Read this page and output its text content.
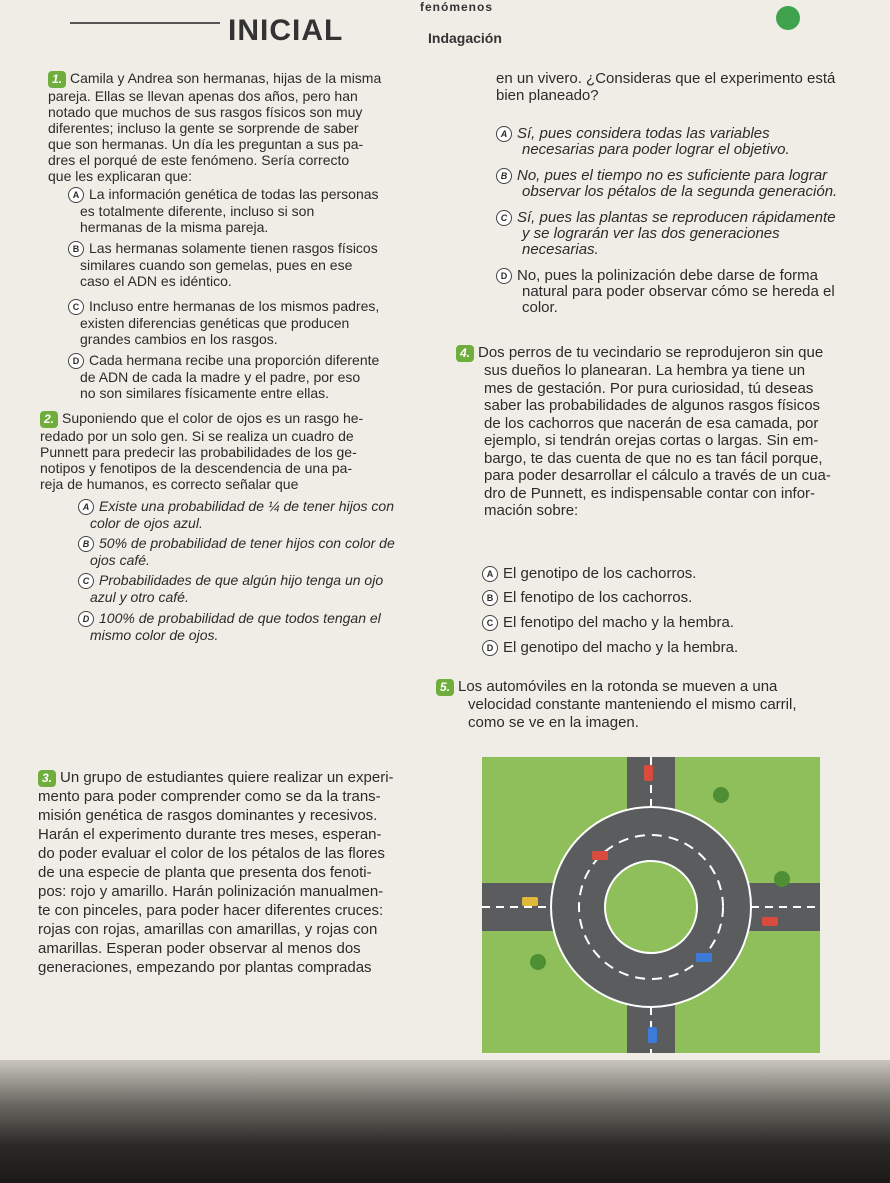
fenómenos
INICIAL	Indagación
1. Camila y Andrea son hermanas, hijas de la misma
pareja. Ellas se llevan apenas dos años, pero han
notado que muchos de sus rasgos físicos son muy
diferentes; incluso la gente se sorprende de saber
que son hermanas. Un día les preguntan a sus pa-
dres el porqué de este fenómeno. Sería correcto
que les explicaran que:
A La información genética de todas las personas
es totalmente diferente, incluso si son
hermanas de la misma pareja.
B Las hermanas solamente tienen rasgos físicos
similares cuando son gemelas, pues en ese
caso el ADN es idéntico.
C Incluso entre hermanas de los mismos padres,
existen diferencias genéticas que producen
grandes cambios en los rasgos.
D Cada hermana recibe una proporción diferente
de ADN de cada la madre y el padre, por eso
no son similares físicamente entre ellas.
2. Suponiendo que el color de ojos es un rasgo he-
redado por un solo gen. Si se realiza un cuadro de
Punnett para predecir las probabilidades de los ge-
notipos y fenotipos de la descendencia de una pa-
reja de humanos, es correcto señalar que
A Existe una probabilidad de ¼ de tener hijos con
color de ojos azul.
B 50% de probabilidad de tener hijos con color de
ojos café.
C Probabilidades de que algún hijo tenga un ojo
azul y otro café.
D 100% de probabilidad de que todos tengan el
mismo color de ojos.
3. Un grupo de estudiantes quiere realizar un experi-
mento para poder comprender como se da la trans-
misión genética de rasgos dominantes y recesivos.
Harán el experimento durante tres meses, esperan-
do poder evaluar el color de los pétalos de las flores
de una especie de planta que presenta dos fenoti-
pos: rojo y amarillo. Harán polinización manualmen-
te con pinceles, para poder hacer diferentes cruces:
rojas con rojas, amarillas con amarillas, y rojas con
amarillas. Esperan poder observar al menos dos
generaciones, empezando por plantas compradas
en un vivero. ¿Consideras que el experimento está
bien planeado?
A Sí, pues considera todas las variables
necesarias para poder lograr el objetivo.
B No, pues el tiempo no es suficiente para lograr
observar los pétalos de la segunda generación.
C Sí, pues las plantas se reproducen rápidamente
y se lograrán ver las dos generaciones
necesarias.
D No, pues la polinización debe darse de forma
natural para poder observar cómo se hereda el
color.
4. Dos perros de tu vecindario se reprodujeron sin que
sus dueños lo planearan. La hembra ya tiene un
mes de gestación. Por pura curiosidad, tú deseas
saber las probabilidades de algunos rasgos físicos
de los cachorros que nacerán de esa camada, por
ejemplo, si tendrán orejas cortas o largas. Sin em-
bargo, te das cuenta de que no es tan fácil porque,
para poder desarrollar el cálculo a través de un cua-
dro de Punnett, es indispensable contar con infor-
mación sobre:
A El genotipo de los cachorros.
B El fenotipo de los cachorros.
C El fenotipo del macho y la hembra.
D El genotipo del macho y la hembra.
5. Los automóviles en la rotonda se mueven a una
velocidad constante manteniendo el mismo carril,
como se ve en la imagen.
